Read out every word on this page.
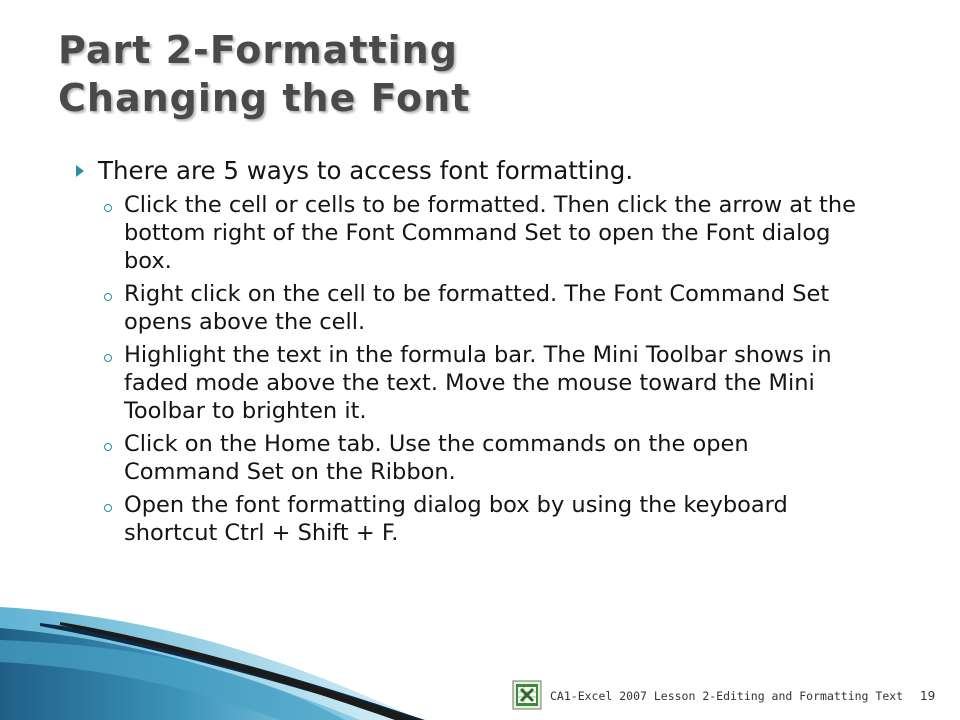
Part 2-Formatting
Changing the Font
There are 5 ways to access font formatting.
Click the cell or cells to be formatted. Then click the arrow at the bottom right of the Font Command Set to open the Font dialog box.
Right click on the cell to be formatted. The Font Command Set opens above the cell.
Highlight the text in the formula bar. The Mini Toolbar shows in faded mode above the text. Move the mouse toward the Mini Toolbar to brighten it.
Click on the Home tab. Use the commands on the open Command Set on the Ribbon.
Open the font formatting dialog box by using the keyboard shortcut Ctrl + Shift + F.
CA1-Excel 2007 Lesson 2-Editing and Formatting Text	19
